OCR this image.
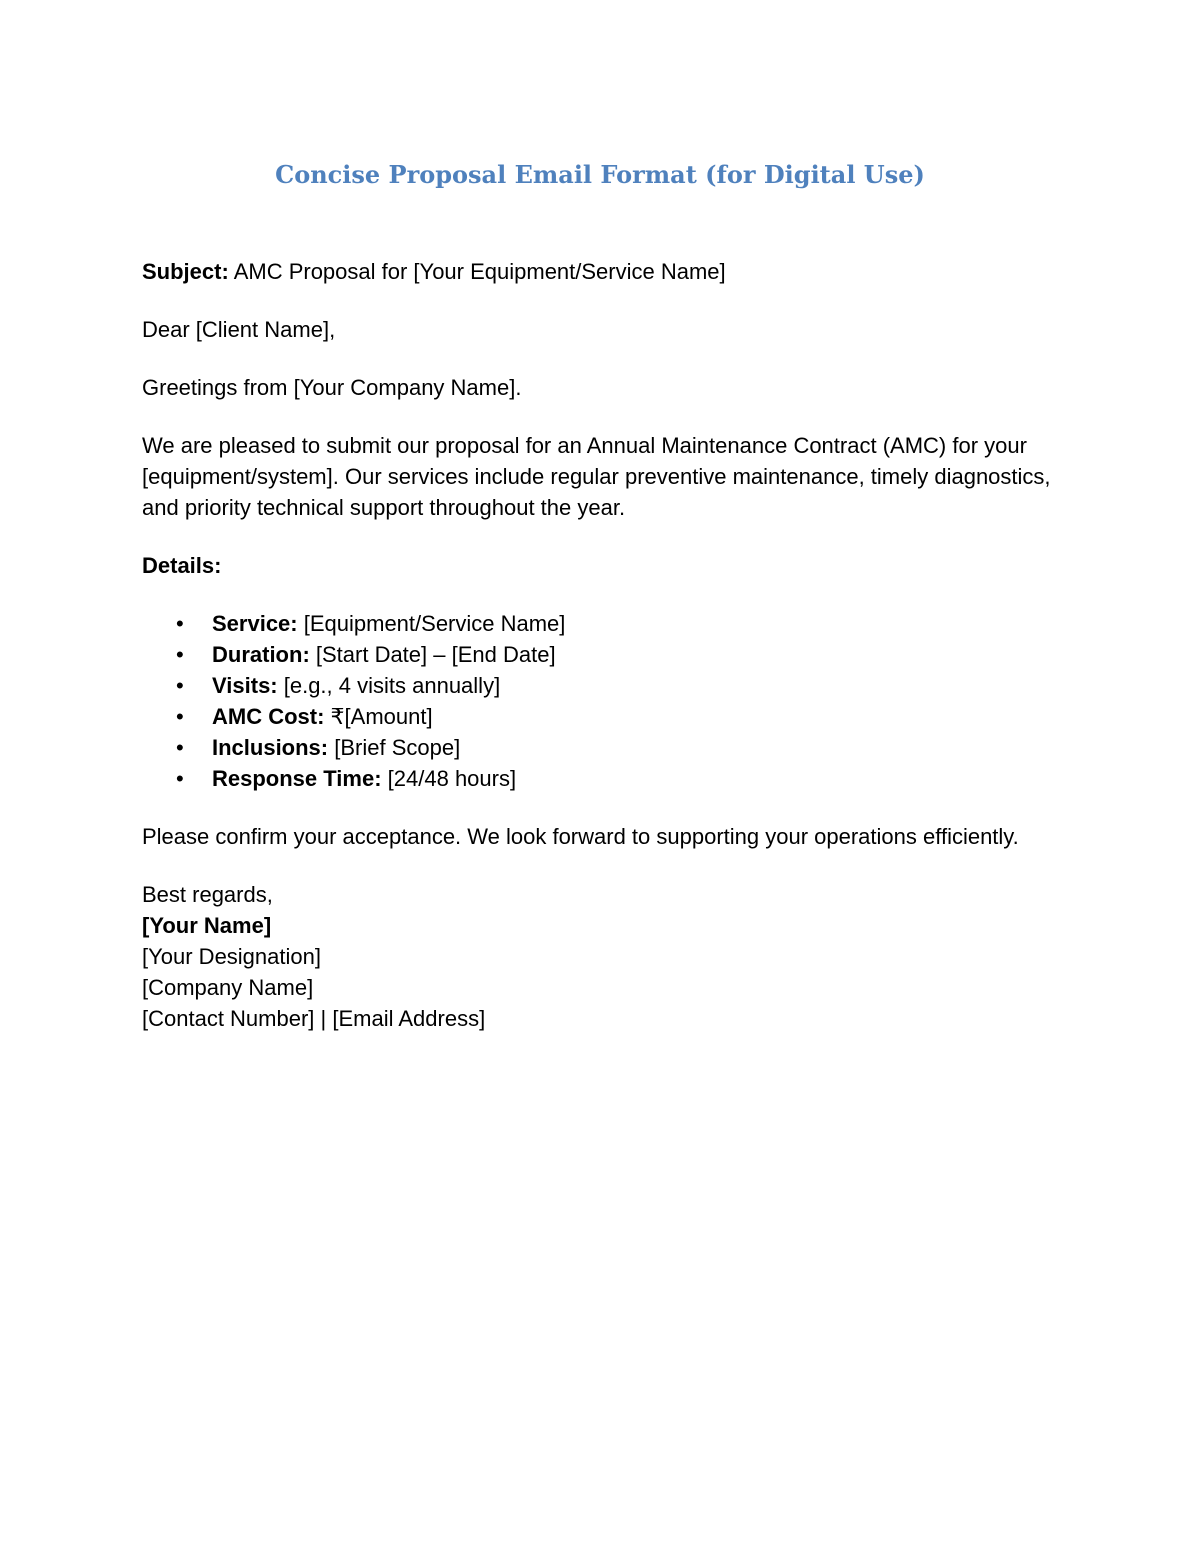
Concise Proposal Email Format (for Digital Use)

Subject: AMC Proposal for [Your Equipment/Service Name]

Dear [Client Name],

Greetings from [Your Company Name].

We are pleased to submit our proposal for an Annual Maintenance Contract (AMC) for your [equipment/system]. Our services include regular preventive maintenance, timely diagnostics, and priority technical support throughout the year.

Details:

• Service: [Equipment/Service Name]
• Duration: [Start Date] – [End Date]
• Visits: [e.g., 4 visits annually]
• AMC Cost: ₹[Amount]
• Inclusions: [Brief Scope]
• Response Time: [24/48 hours]

Please confirm your acceptance. We look forward to supporting your operations efficiently.

Best regards,

[Your Name]

[Your Designation]

[Company Name]

[Contact Number] | [Email Address]
